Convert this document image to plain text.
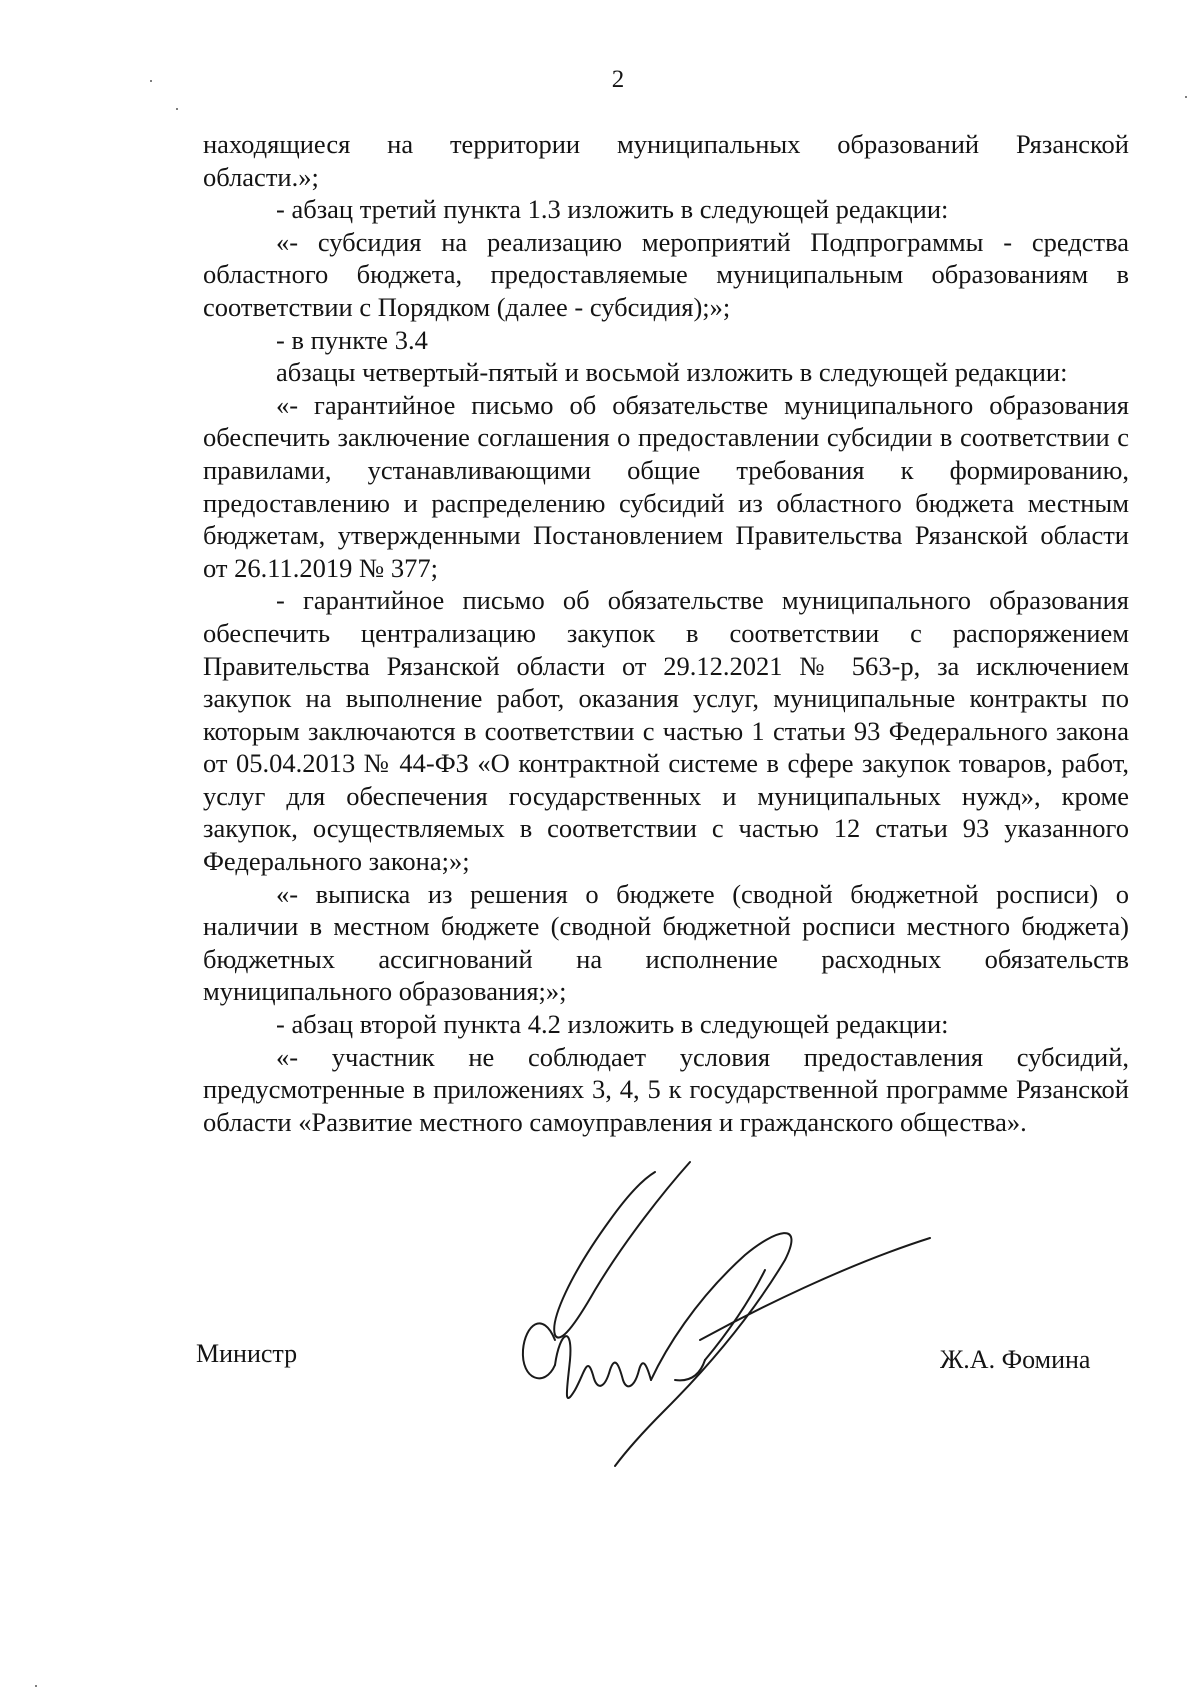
2

находящиеся на территории муниципальных образований Рязанской

области.»;

- абзац третий пункта 1.3 изложить в следующей редакции:

«- субсидия на реализацию мероприятий Подпрограммы - средства областного бюджета, предоставляемые муниципальным образованиям в соответствии с Порядком (далее - субсидия);»;

- в пункте 3.4

абзацы четвертый-пятый и восьмой изложить в следующей редакции:

«- гарантийное письмо об обязательстве муниципального образования обеспечить заключение соглашения о предоставлении субсидии в соответствии с правилами, устанавливающими общие требования к формированию, предоставлению и распределению субсидий из областного бюджета местным бюджетам, утвержденными Постановлением Правительства Рязанской области от 26.11.2019 № 377;

- гарантийное письмо об обязательстве муниципального образования обеспечить централизацию закупок в соответствии с распоряжением Правительства Рязанской области от 29.12.2021 № 563-р, за исключением закупок на выполнение работ, оказания услуг, муниципальные контракты по которым заключаются в соответствии с частью 1 статьи 93 Федерального закона от 05.04.2013 № 44-ФЗ «О контрактной системе в сфере закупок товаров, работ, услуг для обеспечения государственных и муниципальных нужд», кроме закупок, осуществляемых в соответствии с частью 12 статьи 93 указанного Федерального закона;»;

«- выписка из решения о бюджете (сводной бюджетной росписи) о наличии в местном бюджете (сводной бюджетной росписи местного бюджета) бюджетных ассигнований на исполнение расходных обязательств муниципального образования;»;

- абзац второй пункта 4.2 изложить в следующей редакции:

«- участник не соблюдает условия предоставления субсидий, предусмотренные в приложениях 3, 4, 5 к государственной программе Рязанской области «Развитие местного самоуправления и гражданского общества».

Министр	Ж.А. Фомина
